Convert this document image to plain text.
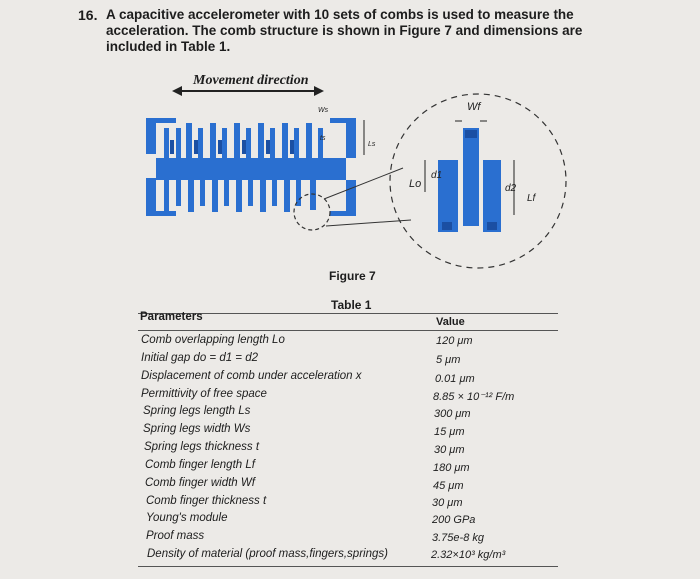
16. A capacitive accelerometer with 10 sets of combs is used to measure the acceleration. The comb structure is shown in Figure 7 and dimensions are included in Table 1.
Movement direction
Ws
ts
Ls
Wf
Lo
d1
d2
Lf
Figure 7
Table 1
Parameters	Value
Comb overlapping length Lo	120 μm
Initial gap do = d1 = d2	5 μm
Displacement of comb under acceleration x	0.01 μm
Permittivity of free space	8.85 × 10⁻¹² F/m
Spring legs length Ls	300 μm
Spring legs width Ws	15 μm
Spring legs thickness t	30 μm
Comb finger length Lf	180 μm
Comb finger width Wf	45 μm
Comb finger thickness t	30 μm
Young's module	200 GPa
Proof mass	3.75e-8 kg
Density of material (proof mass,fingers,springs)	2.32×10³ kg/m³
